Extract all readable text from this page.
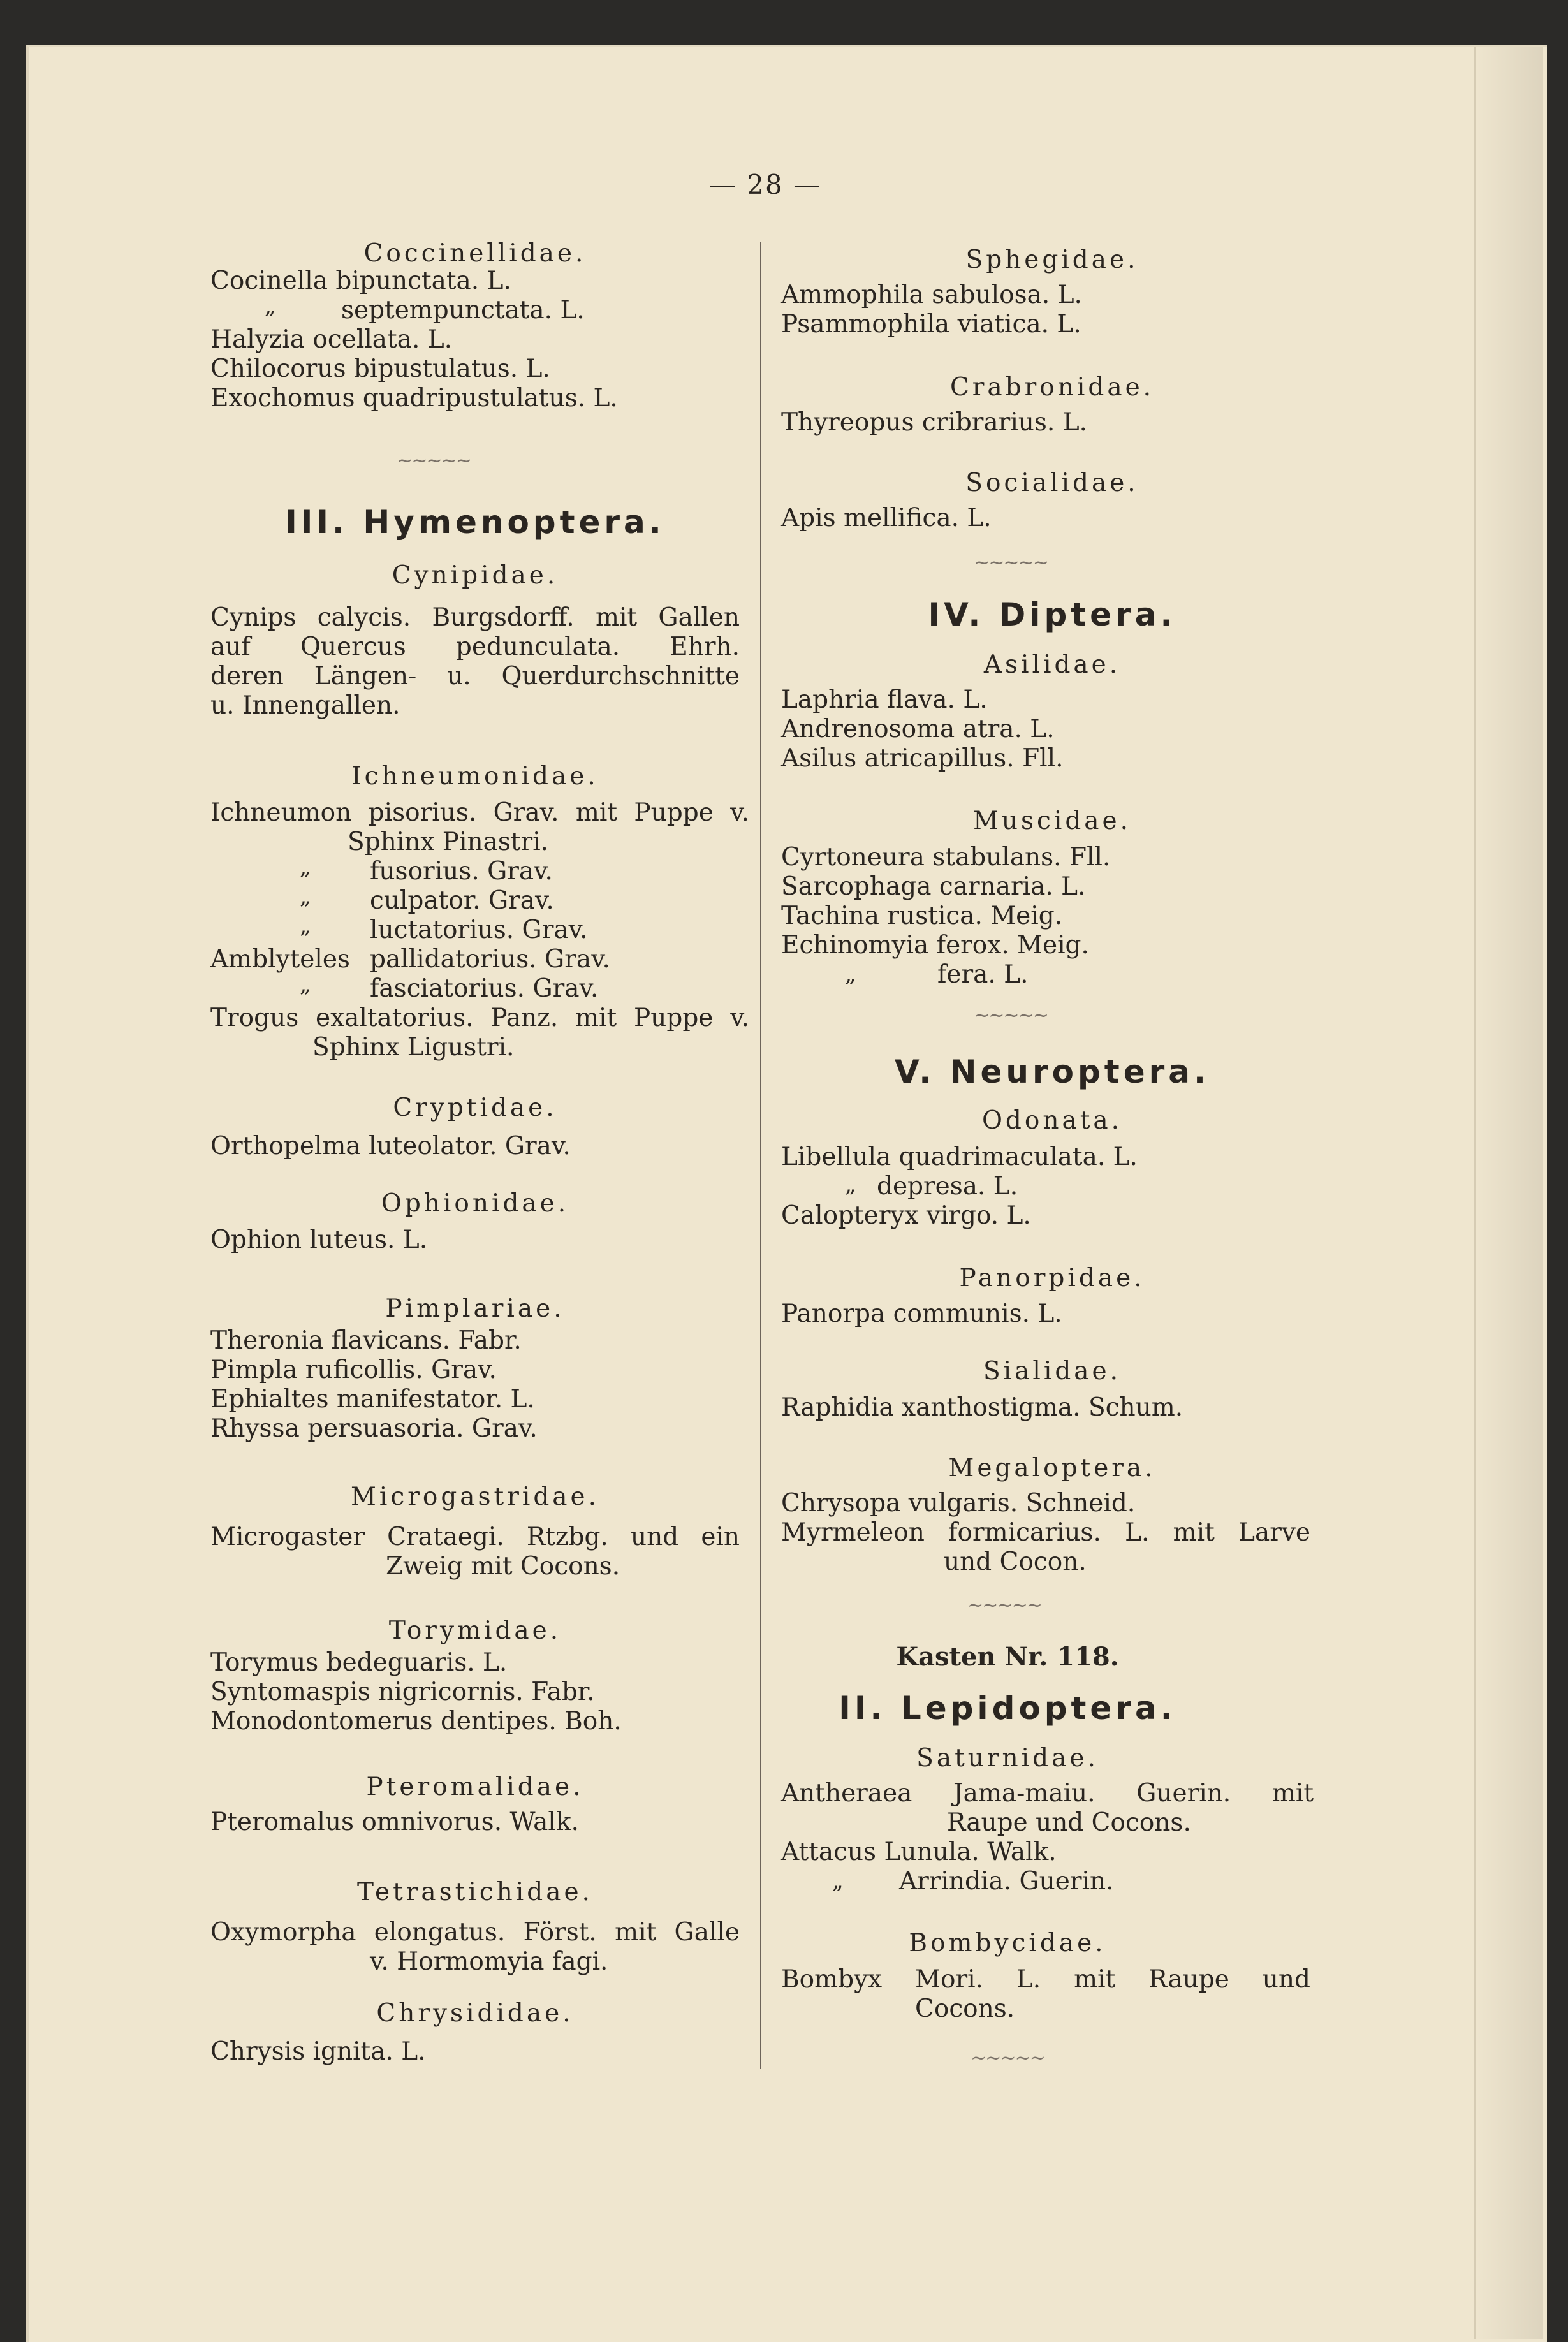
— 28 —
Coccinellidae.
Cocinella bipunctata. L.
„	septempunctata. L.
Halyzia ocellata. L.
Chilocorus bipustulatus. L.
Exochomus quadripustulatus. L.
~~~~~
III. Hymenoptera.
Cynipidae.
Cynips calycis. Burgsdorff. mit Gallen
auf Quercus pedunculata. Ehrh.
deren Längen- u. Querdurchschnitte
u. Innengallen.
Ichneumonidae.
Ichneumon pisorius. Grav. mit Puppe v.
Sphinx Pinastri.
„ fusorius. Grav.
„ culpator. Grav.
„ luctatorius. Grav.
Amblyteles pallidatorius. Grav.
„ fasciatorius. Grav.
Trogus exaltatorius. Panz. mit Puppe v.
Sphinx Ligustri.
Cryptidae.
Orthopelma luteolator. Grav.
Ophionidae.
Ophion luteus. L.
Pimplariae.
Theronia flavicans. Fabr.
Pimpla ruficollis. Grav.
Ephialtes manifestator. L.
Rhyssa persuasoria. Grav.
Microgastridae.
Microgaster Crataegi. Rtzbg. und ein
Zweig mit Cocons.
Torymidae.
Torymus bedeguaris. L.
Syntomaspis nigricornis. Fabr.
Monodontomerus dentipes. Boh.
Pteromalidae.
Pteromalus omnivorus. Walk.
Tetrastichidae.
Oxymorpha elongatus. Först. mit Galle
v. Hormomyia fagi.
Chrysididae.
Chrysis ignita. L.
Sphegidae.
Ammophila sabulosa. L.
Psammophila viatica. L.
Crabronidae.
Thyreopus cribrarius. L.
Socialidae.
Apis mellifica. L.
~~~~~
IV. Diptera.
Asilidae.
Laphria flava. L.
Andrenosoma atra. L.
Asilus atricapillus. Fll.
Muscidae.
Cyrtoneura stabulans. Fll.
Sarcophaga carnaria. L.
Tachina rustica. Meig.
Echinomyia ferox. Meig.
„	fera. L.
~~~~~
V. Neuroptera.
Odonata.
Libellula quadrimaculata. L.
„ depresa. L.
Calopteryx virgo. L.
Panorpidae.
Panorpa communis. L.
Sialidae.
Raphidia xanthostigma. Schum.
Megaloptera.
Chrysopa vulgaris. Schneid.
Myrmeleon formicarius. L. mit Larve
und Cocon.
~~~~~
Kasten Nr. 118.
II. Lepidoptera.
Saturnidae.
Antheraea Jama-maiu. Guerin. mit
Raupe und Cocons.
Attacus Lunula. Walk.
„ Arrindia. Guerin.
Bombycidae.
Bombyx Mori. L. mit Raupe und
Cocons.
~~~~~
